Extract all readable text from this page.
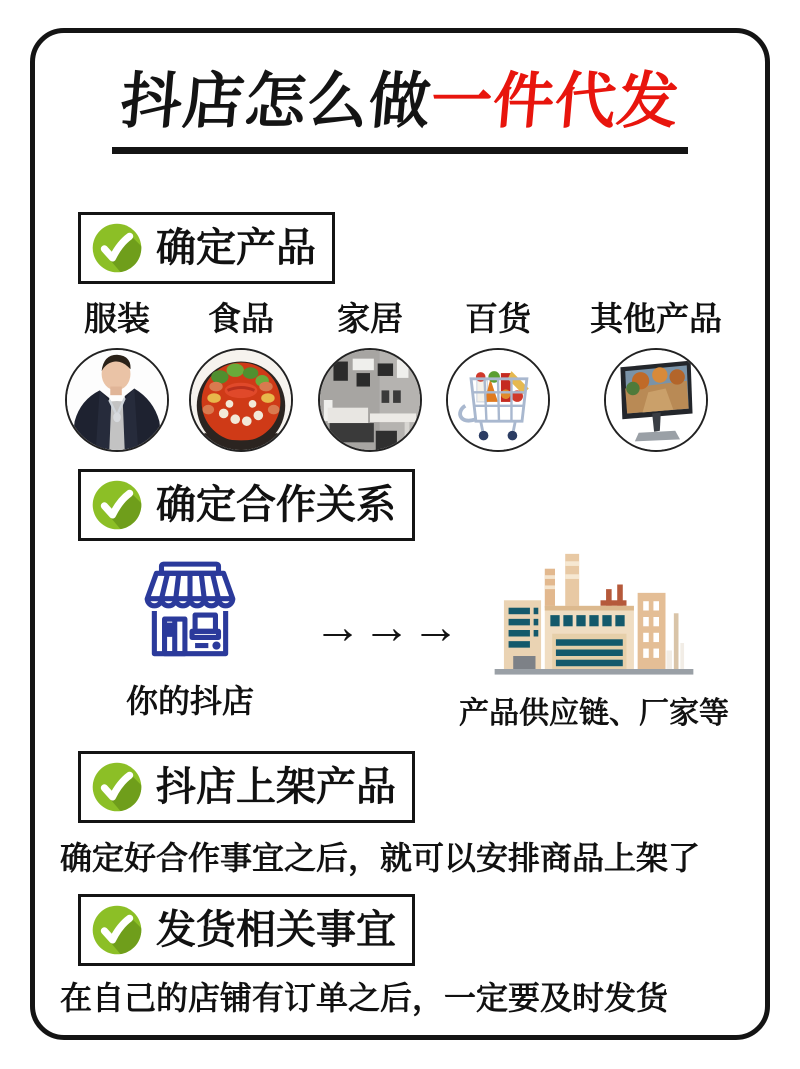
抖店怎么做一件代发
确定产品
服装	食品	家居	百货	其他产品
确定合作关系
你的抖店
→→→
产品供应链、厂家等
抖店上架产品
确定好合作事宜之后，就可以安排商品上架了
发货相关事宜
在自己的店铺有订单之后，一定要及时发货
